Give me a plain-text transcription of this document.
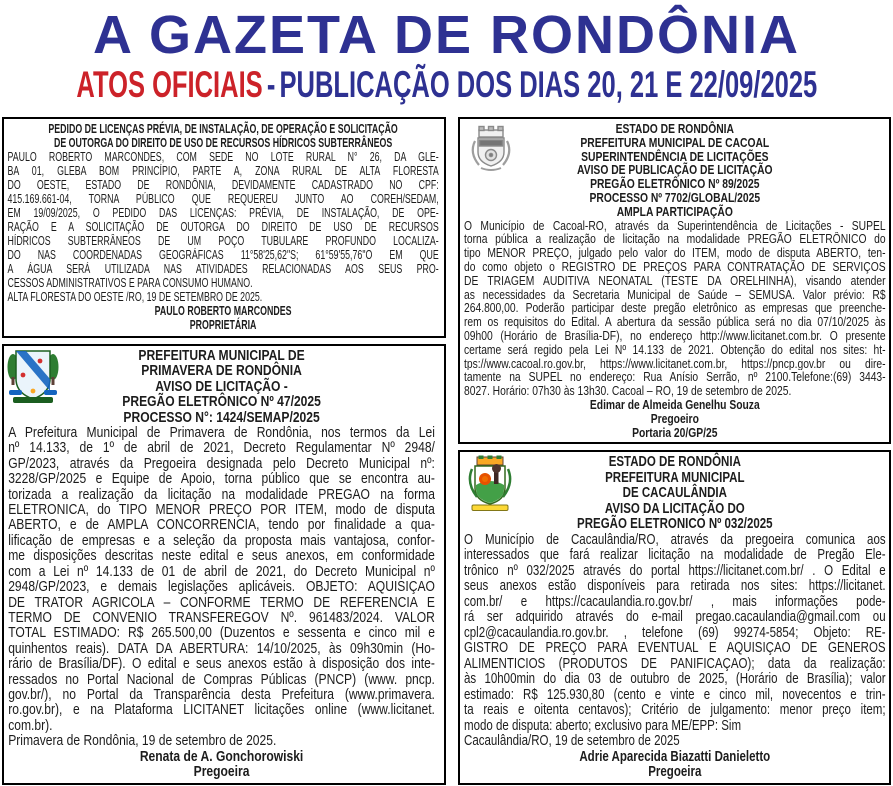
A GAZETA DE RONDÔNIA
ATOS OFICIAIS - PUBLICAÇÃO DOS DIAS 20, 21 E 22/09/2025
PEDIDO DE LICENÇAS PRÉVIA, DE INSTALAÇÃO, DE OPERAÇÃO E SOLICITAÇÃO
DE OUTORGA DO DIREITO DE USO DE RECURSOS HÍDRICOS SUBTERRÂNEOS
PAULO ROBERTO MARCONDES, COM SEDE NO LOTE RURAL N° 26, DA GLE-
BA 01, GLEBA BOM PRINCÍPIO, PARTE A, ZONA RURAL DE ALTA FLORESTA
DO OESTE, ESTADO DE RONDÔNIA, DEVIDAMENTE CADASTRADO NO CPF:
415.169.661-04, TORNA PÚBLICO QUE REQUEREU JUNTO AO COREH/SEDAM,
EM 19/09/2025, O PEDIDO DAS LICENÇAS: PRÉVIA, DE INSTALAÇÃO, DE OPE-
RAÇÃO E A SOLICITAÇÃO DE OUTORGA DO DIREITO DE USO DE RECURSOS
HÍDRICOS SUBTERRÂNEOS DE UM POÇO TUBULARE PROFUNDO LOCALIZA-
DO NAS COORDENADAS GEOGRÁFICAS 11°58'25,62"S; 61°59'55,76"O EM QUE
A ÁGUA SERÁ UTILIZADA NAS ATIVIDADES RELACIONADAS AOS SEUS PRO-
CESSOS ADMINISTRATIVOS E PARA CONSUMO HUMANO.
ALTA FLORESTA DO OESTE /RO, 19 DE SETEMBRO DE 2025.
PAULO ROBERTO MARCONDES
PROPRIETÁRIA
PREFEITURA MUNICIPAL DE
PRIMAVERA DE RONDÔNIA
AVISO DE LICITAÇÃO -
PREGÃO ELETRÔNICO Nº 47/2025
PROCESSO N°: 1424/SEMAP/2025
A Prefeitura Municipal de Primavera de Rondônia, nos termos da Lei
nº 14.133, de 1º de abril de 2021, Decreto Regulamentar Nº 2948/
GP/2023, através da Pregoeira designada pelo Decreto Municipal nº:
3228/GP/2025 e Equipe de Apoio, torna público que se encontra au-
torizada a realização da licitação na modalidade PREGÃO na forma
ELETRÔNICA, do TIPO MENOR PREÇO POR ITEM, modo de disputa
ABERTO, e de AMPLA CONCORRENCIA, tendo por finalidade a qua-
lificação de empresas e a seleção da proposta mais vantajosa, confor-
me disposições descritas neste edital e seus anexos, em conformidade
com a Lei nº 14.133 de 01 de abril de 2021, do Decreto Municipal nº
2948/GP/2023, e demais legislações aplicáveis. OBJETO: AQUISIÇÃO
DE TRATOR AGRICOLA – CONFORME TERMO DE REFERENCIA E
TERMO DE CONVENIO TRANSFEREGOV Nº. 961483/2024. VALOR
TOTAL ESTIMADO: R$ 265.500,00 (Duzentos e sessenta e cinco mil e
quinhentos reais). DATA DA ABERTURA: 14/10/2025, às 09h30min (Ho-
rário de Brasília/DF). O edital e seus anexos estão à disposição dos inte-
ressados no Portal Nacional de Compras Públicas (PNCP) (www. pncp.
gov.br/), no Portal da Transparência desta Prefeitura (www.primavera.
ro.gov.br), e na Plataforma LICITANET licitações online (www.licitanet.
com.br).
Primavera de Rondônia, 19 de setembro de 2025.
Renata de A. Gonchorowiski
Pregoeira
ESTADO DE RONDÔNIA
PREFEITURA MUNICIPAL DE CACOAL
SUPERINTENDÊNCIA DE LICITAÇÕES
AVISO DE PUBLICAÇÃO DE LICITAÇÃO
PREGÃO ELETRÔNICO Nº 89/2025
PROCESSO Nº 7702/GLOBAL/2025
AMPLA PARTICIPAÇÃO
O Município de Cacoal-RO, através da Superintendência de Licitações - SUPEL
torna pública a realização de licitação na modalidade PREGÃO ELETRÔNICO do
tipo MENOR PREÇO, julgado pelo valor do ITEM, modo de disputa ABERTO, ten-
do como objeto o REGISTRO DE PREÇOS PARA CONTRATAÇÃO DE SERVIÇOS
DE TRIAGEM AUDITIVA NEONATAL (TESTE DA ORELHINHA), visando atender
as necessidades da Secretaria Municipal de Saúde – SEMUSA. Valor prévio: R$
264.800,00. Poderão participar deste pregão eletrônico as empresas que preenche-
rem os requisitos do Edital. A abertura da sessão pública será no dia 07/10/2025 às
09h00 (Horário de Brasília-DF), no endereço http://www.licitanet.com.br. O presente
certame será regido pela Lei Nº 14.133 de 2021. Obtenção do edital nos sites: ht-
tps://www.cacoal.ro.gov.br, https://www.licitanet.com.br, https://pncp.gov.br ou dire-
tamente na SUPEL no endereço: Rua Anísio Serrão, nº 2100.Telefone:(69) 3443-
8027. Horário: 07h30 às 13h30. Cacoal – RO, 19 de setembro de 2025.
Edimar de Almeida Genelhu Souza
Pregoeiro
Portaria 20/GP/25
ESTADO DE RONDÔNIA
PREFEITURA MUNICIPAL
DE CACAULÂNDIA
AVISO DA LICITAÇÃO DO
PREGÃO ELETRONICO Nº 032/2025
O Município de Cacaulândia/RO, através da pregoeira comunica aos
interessados que fará realizar licitação na modalidade de Pregão Ele-
trônico nº 032/2025 através do portal https://licitanet.com.br/ . O Edital e
seus anexos estão disponíveis para retirada nos sites: https://licitanet.
com.br/ e https://cacaulandia.ro.gov.br/ , mais informações pode-
rá ser adquirido através do e-mail pregao.cacaulandia@gmail.com ou
cpl2@cacaulandia.ro.gov.br. , telefone (69) 99274-5854; Objeto: RE-
GISTRO DE PREÇO PARA EVENTUAL E AQUISIÇÃO DE GÊNEROS
ALIMENTÍCIOS (PRODUTOS DE PANIFICAÇÃO); data da realização:
às 10h00min do dia 03 de outubro de 2025, (Horário de Brasília); valor
estimado: R$ 125.930,80 (cento e vinte e cinco mil, novecentos e trin-
ta reais e oitenta centavos); Critério de julgamento: menor preço item;
modo de disputa: aberto; exclusivo para ME/EPP: Sim
Cacaulândia/RO, 19 de setembro de 2025
Adrie Aparecida Biazatti Danieletto
Pregoeira
